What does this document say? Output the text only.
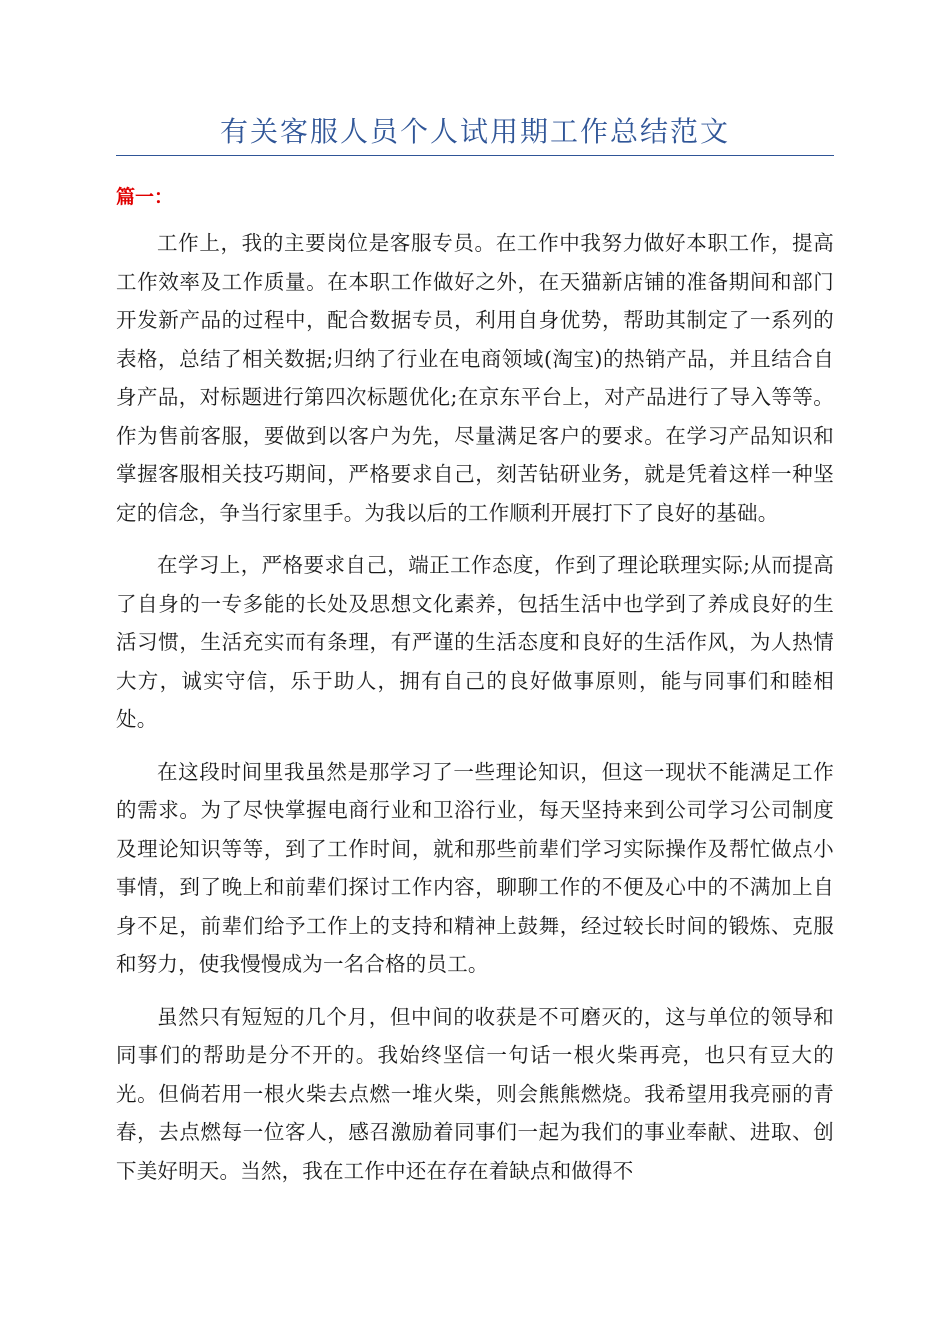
有关客服人员个人试用期工作总结范文
篇一：

工作上，我的主要岗位是客服专员。在工作中我努力做好本职工作，提高工作效率及工作质量。在本职工作做好之外，在天猫新店铺的准备期间和部门开发新产品的过程中，配合数据专员，利用自身优势，帮助其制定了一系列的表格，总结了相关数据;归纳了行业在电商领域(淘宝)的热销产品，并且结合自身产品，对标题进行第四次标题优化;在京东平台上，对产品进行了导入等等。作为售前客服，要做到以客户为先，尽量满足客户的要求。在学习产品知识和掌握客服相关技巧期间，严格要求自己，刻苦钻研业务，就是凭着这样一种坚定的信念，争当行家里手。为我以后的工作顺利开展打下了良好的基础。

在学习上，严格要求自己，端正工作态度，作到了理论联理实际;从而提高了自身的一专多能的长处及思想文化素养，包括生活中也学到了养成良好的生活习惯，生活充实而有条理，有严谨的生活态度和良好的生活作风，为人热情大方，诚实守信，乐于助人，拥有自己的良好做事原则，能与同事们和睦相处。

在这段时间里我虽然是那学习了一些理论知识，但这一现状不能满足工作的需求。为了尽快掌握电商行业和卫浴行业，每天坚持来到公司学习公司制度及理论知识等等，到了工作时间，就和那些前辈们学习实际操作及帮忙做点小事情，到了晚上和前辈们探讨工作内容，聊聊工作的不便及心中的不满加上自身不足，前辈们给予工作上的支持和精神上鼓舞，经过较长时间的锻炼、克服和努力，使我慢慢成为一名合格的员工。

虽然只有短短的几个月，但中间的收获是不可磨灭的，这与单位的领导和同事们的帮助是分不开的。我始终坚信一句话一根火柴再亮，也只有豆大的光。但倘若用一根火柴去点燃一堆火柴，则会熊熊燃烧。我希望用我亮丽的青春，去点燃每一位客人，感召激励着同事们一起为我们的事业奉献、进取、创下美好明天。当然，我在工作中还在存在着缺点和做得不
